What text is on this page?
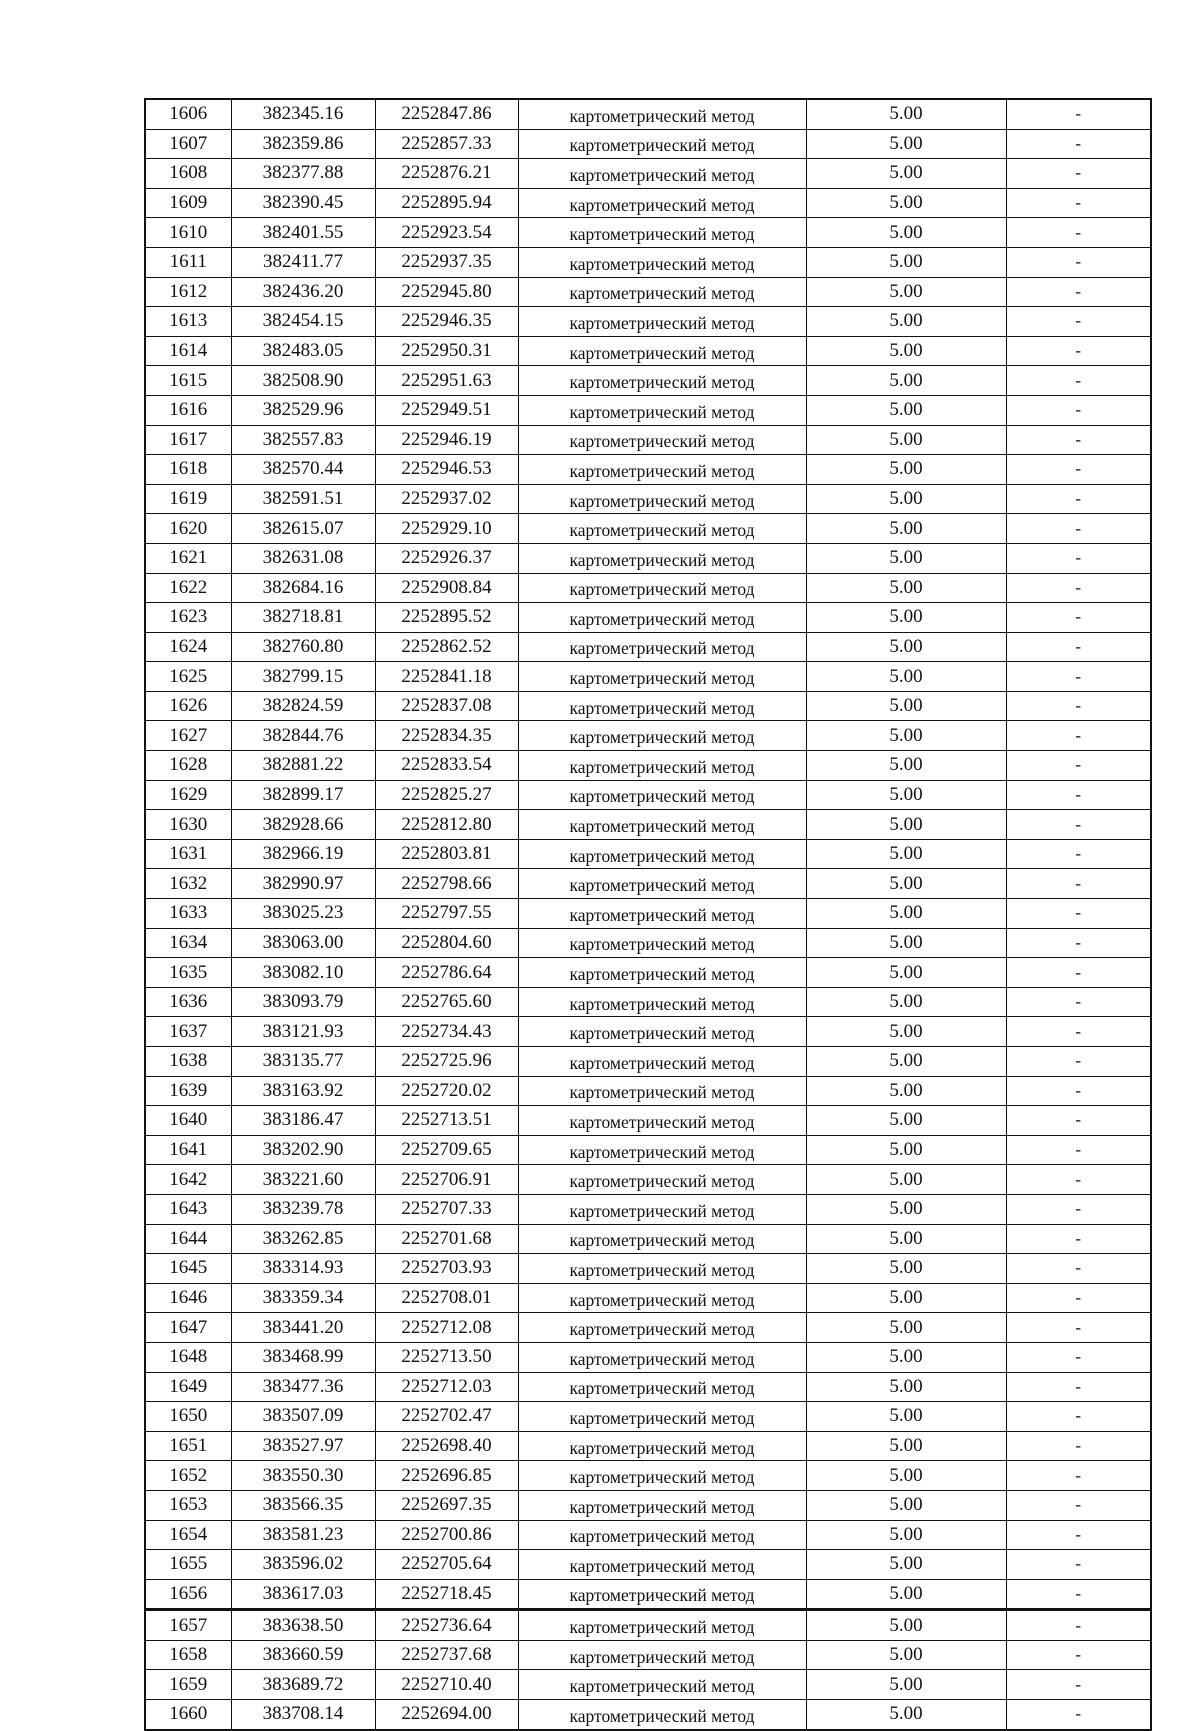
1606	382345.16	2252847.86	картометрический метод	5.00	-
1607	382359.86	2252857.33	картометрический метод	5.00	-
1608	382377.88	2252876.21	картометрический метод	5.00	-
1609	382390.45	2252895.94	картометрический метод	5.00	-
1610	382401.55	2252923.54	картометрический метод	5.00	-
1611	382411.77	2252937.35	картометрический метод	5.00	-
1612	382436.20	2252945.80	картометрический метод	5.00	-
1613	382454.15	2252946.35	картометрический метод	5.00	-
1614	382483.05	2252950.31	картометрический метод	5.00	-
1615	382508.90	2252951.63	картометрический метод	5.00	-
1616	382529.96	2252949.51	картометрический метод	5.00	-
1617	382557.83	2252946.19	картометрический метод	5.00	-
1618	382570.44	2252946.53	картометрический метод	5.00	-
1619	382591.51	2252937.02	картометрический метод	5.00	-
1620	382615.07	2252929.10	картометрический метод	5.00	-
1621	382631.08	2252926.37	картометрический метод	5.00	-
1622	382684.16	2252908.84	картометрический метод	5.00	-
1623	382718.81	2252895.52	картометрический метод	5.00	-
1624	382760.80	2252862.52	картометрический метод	5.00	-
1625	382799.15	2252841.18	картометрический метод	5.00	-
1626	382824.59	2252837.08	картометрический метод	5.00	-
1627	382844.76	2252834.35	картометрический метод	5.00	-
1628	382881.22	2252833.54	картометрический метод	5.00	-
1629	382899.17	2252825.27	картометрический метод	5.00	-
1630	382928.66	2252812.80	картометрический метод	5.00	-
1631	382966.19	2252803.81	картометрический метод	5.00	-
1632	382990.97	2252798.66	картометрический метод	5.00	-
1633	383025.23	2252797.55	картометрический метод	5.00	-
1634	383063.00	2252804.60	картометрический метод	5.00	-
1635	383082.10	2252786.64	картометрический метод	5.00	-
1636	383093.79	2252765.60	картометрический метод	5.00	-
1637	383121.93	2252734.43	картометрический метод	5.00	-
1638	383135.77	2252725.96	картометрический метод	5.00	-
1639	383163.92	2252720.02	картометрический метод	5.00	-
1640	383186.47	2252713.51	картометрический метод	5.00	-
1641	383202.90	2252709.65	картометрический метод	5.00	-
1642	383221.60	2252706.91	картометрический метод	5.00	-
1643	383239.78	2252707.33	картометрический метод	5.00	-
1644	383262.85	2252701.68	картометрический метод	5.00	-
1645	383314.93	2252703.93	картометрический метод	5.00	-
1646	383359.34	2252708.01	картометрический метод	5.00	-
1647	383441.20	2252712.08	картометрический метод	5.00	-
1648	383468.99	2252713.50	картометрический метод	5.00	-
1649	383477.36	2252712.03	картометрический метод	5.00	-
1650	383507.09	2252702.47	картометрический метод	5.00	-
1651	383527.97	2252698.40	картометрический метод	5.00	-
1652	383550.30	2252696.85	картометрический метод	5.00	-
1653	383566.35	2252697.35	картометрический метод	5.00	-
1654	383581.23	2252700.86	картометрический метод	5.00	-
1655	383596.02	2252705.64	картометрический метод	5.00	-
1656	383617.03	2252718.45	картометрический метод	5.00	-
1657	383638.50	2252736.64	картометрический метод	5.00	-
1658	383660.59	2252737.68	картометрический метод	5.00	-
1659	383689.72	2252710.40	картометрический метод	5.00	-
1660	383708.14	2252694.00	картометрический метод	5.00	-
